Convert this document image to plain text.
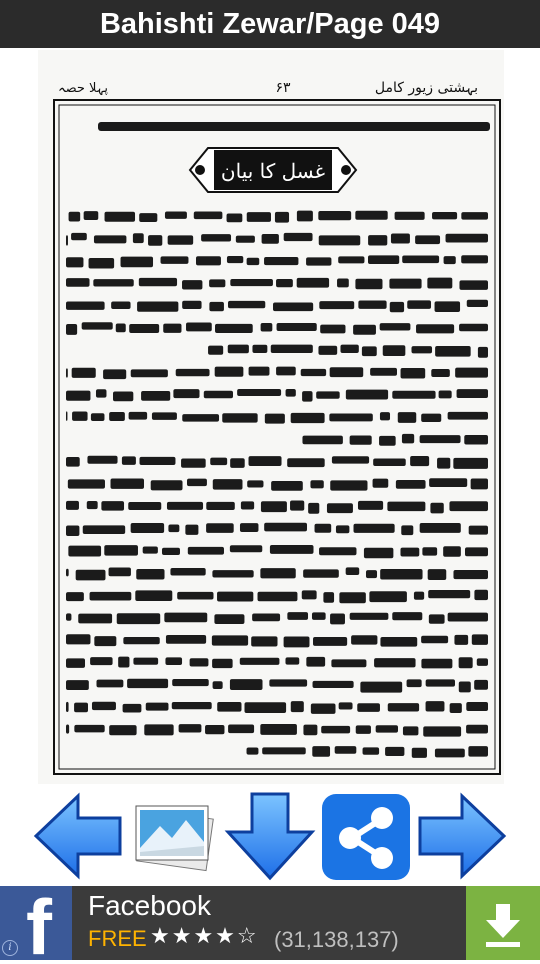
Bahishti Zewar/Page 049
بہشتی زیور کامل
۶۳
پہلا حصہ
غسل کا بیان
f
i
Facebook
FREE ★★★★☆ (31,138,137)
